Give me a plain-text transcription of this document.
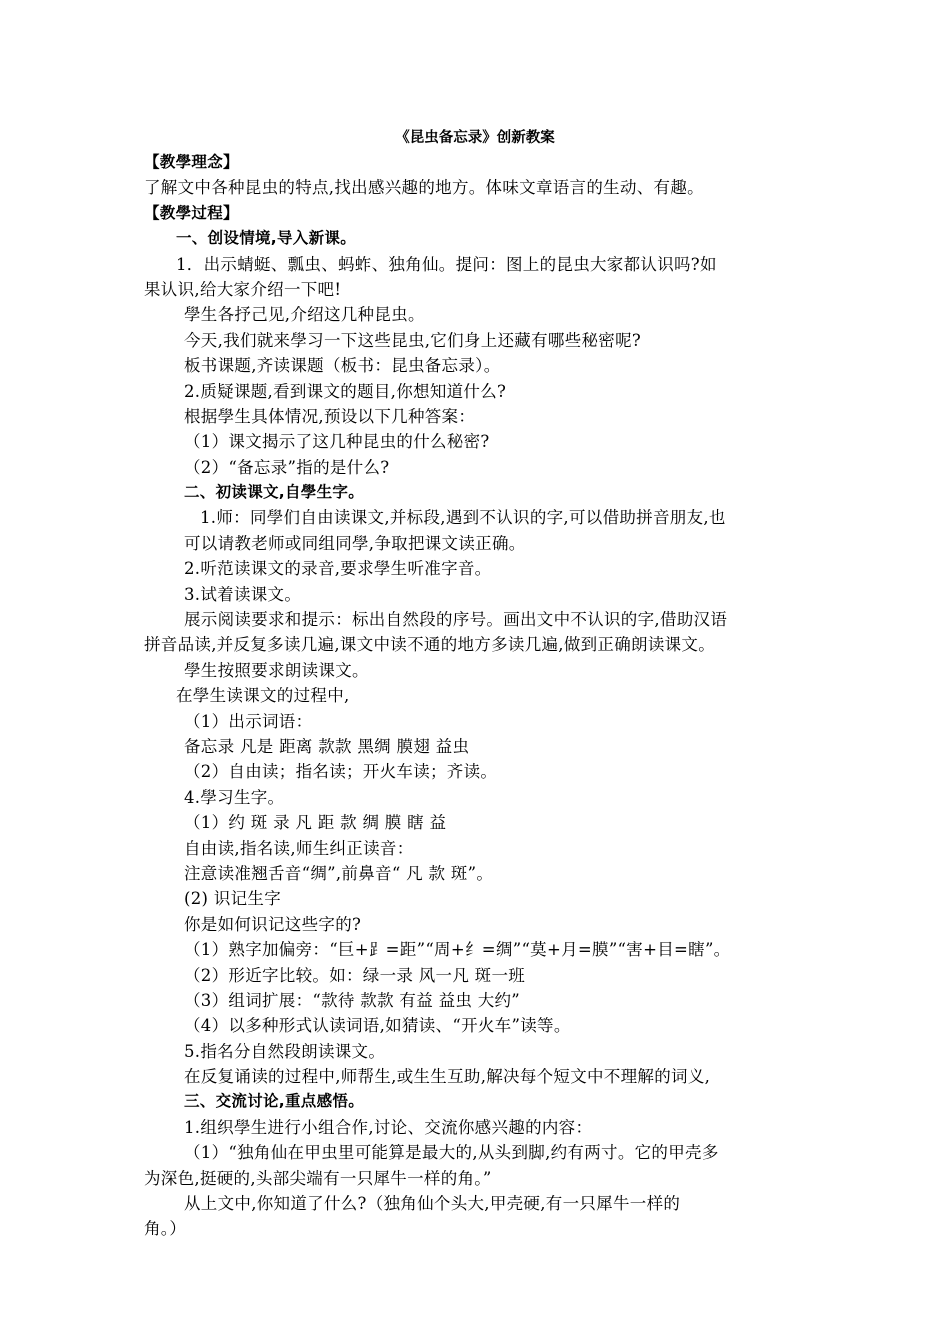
《昆虫备忘录》创新教案
【教學理念】
了解文中各种昆虫的特点,找出感兴趣的地方。体味文章语言的生动、有趣。
【教學过程】
一、创设情境,导入新课。
1．出示蜻蜓、瓢虫、蚂蚱、独角仙。提问：图上的昆虫大家都认识吗?如
果认识,给大家介绍一下吧!
學生各抒己见,介绍这几种昆虫。
今天,我们就来學习一下这些昆虫,它们身上还藏有哪些秘密呢?
板书课题,齐读课题（板书：昆虫备忘录）。
2.质疑课题,看到课文的题目,你想知道什么?
根据學生具体情况,预设以下几种答案：
（1）课文揭示了这几种昆虫的什么秘密?
（2）“备忘录”指的是什么?
二、初读课文,自學生字。
1.师：同學们自由读课文,并标段,遇到不认识的字,可以借助拼音朋友,也
可以请教老师或同组同學,争取把课文读正确。
2.听范读课文的录音,要求學生听准字音。
3.试着读课文。
展示阅读要求和提示：标出自然段的序号。画出文中不认识的字,借助汉语
拼音品读,并反复多读几遍,课文中读不通的地方多读几遍,做到正确朗读课文。
學生按照要求朗读课文。
在學生读课文的过程中,
（1）出示词语：
备忘录 凡是 距离 款款 黑绸 膜翅 益虫
（2）自由读；指名读；开火车读；齐读。
4.學习生字。
（1）约 斑 录 凡 距 款 绸 膜 瞎 益
自由读,指名读,师生纠正读音：
注意读准翘舌音“绸”,前鼻音“ 凡 款 斑”。
(2) 识记生字
你是如何识记这些字的?
（1）熟字加偏旁：“巨+⻊=距”“周+纟=绸”“莫+月=膜”“害+目=瞎”。
（2）形近字比较。如：绿一录 风一凡 斑一班
（3）组词扩展：“款待 款款 有益 益虫 大约”
（4）以多种形式认读词语,如猜读、“开火车”读等。
5.指名分自然段朗读课文。
在反复诵读的过程中,师帮生,或生生互助,解决每个短文中不理解的词义,
三、交流讨论,重点感悟。
1.组织學生进行小组合作,讨论、交流你感兴趣的内容：
（1）“独角仙在甲虫里可能算是最大的,从头到脚,约有两寸。它的甲壳多
为深色,挺硬的,头部尖端有一只犀牛一样的角。”
从上文中,你知道了什么?（独角仙个头大,甲壳硬,有一只犀牛一样的
角。）
